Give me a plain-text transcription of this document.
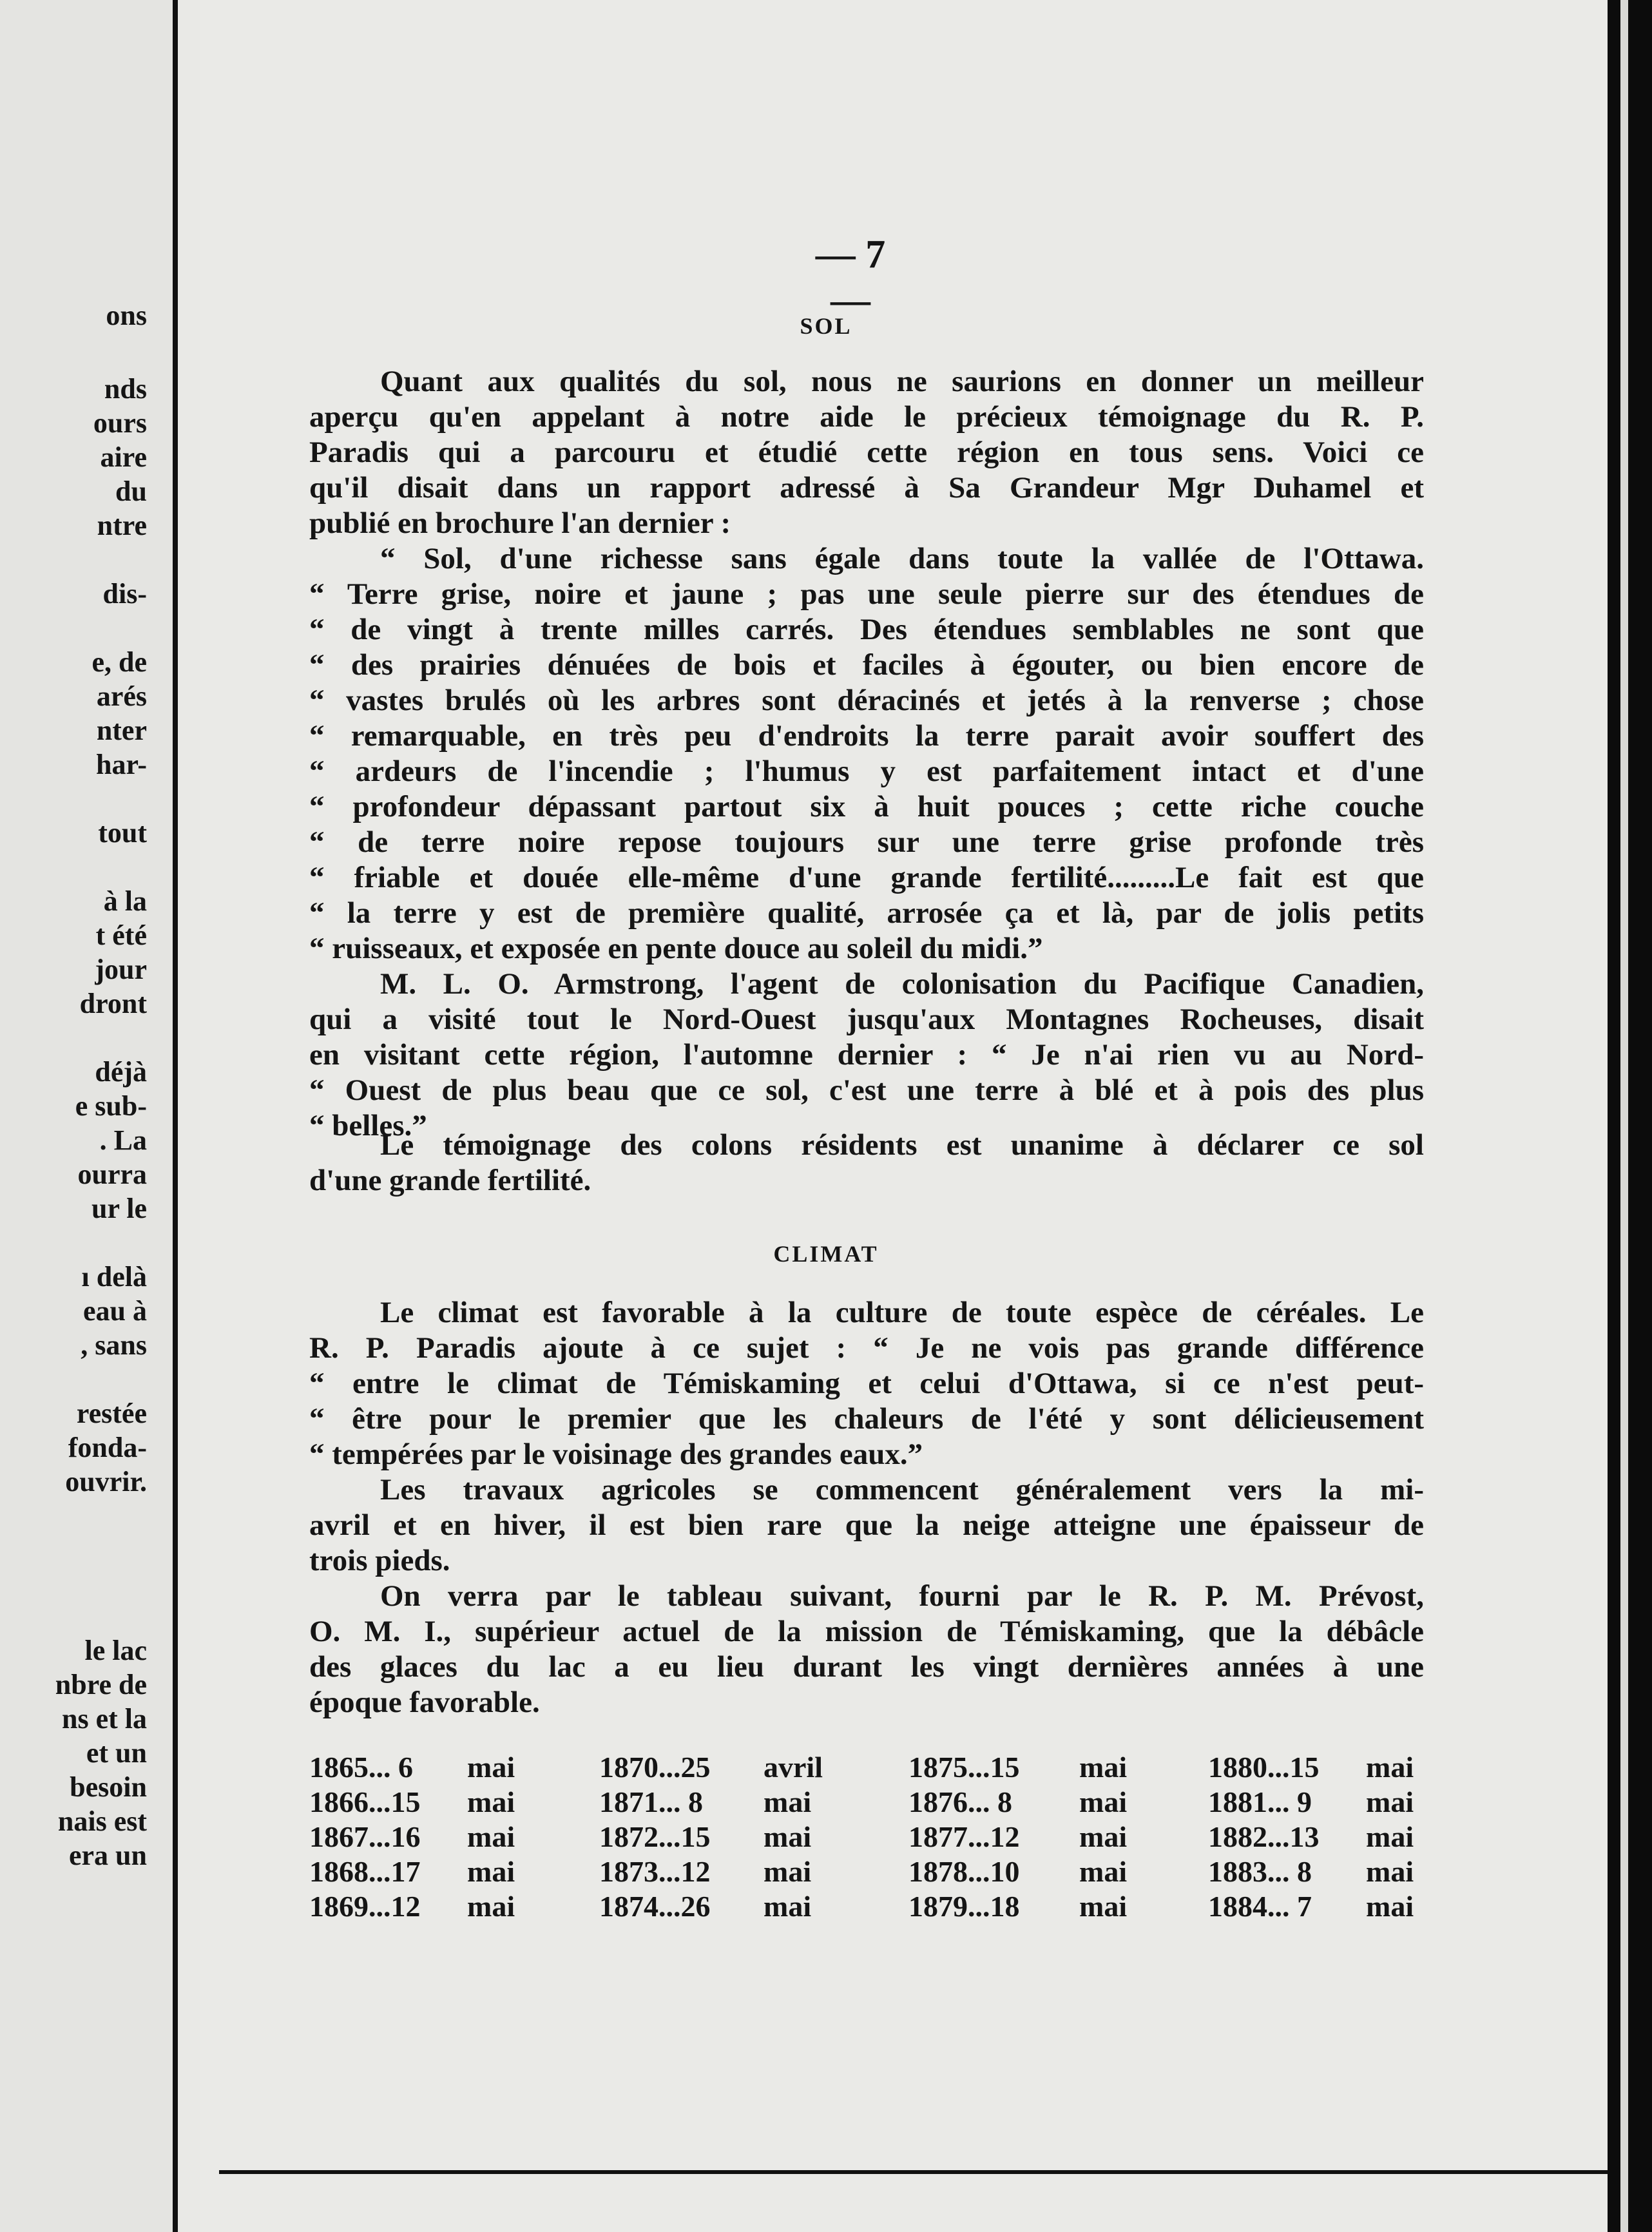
ons
nds
ours
aire
du
ntre
dis-
e, de
arés
nter
har-
tout
à la
t été
jour
dront
déjà
e sub-
. La
ourra
ur le
ı delà
eau à
, sans
restée
fonda-
ouvrir.
le lac
nbre de
ns et la
et un
besoin
nais est
era un
— 7 —
SOL
Quant aux qualités du sol, nous ne saurions en donner un meilleur
aperçu qu'en appelant à notre aide le précieux témoignage du R. P.
Paradis qui a parcouru et étudié cette région en tous sens. Voici ce
qu'il disait dans un rapport adressé à Sa Grandeur Mgr Duhamel et
publié en brochure l'an dernier :
“ Sol, d'une richesse sans égale dans toute la vallée de l'Ottawa.
“ Terre grise, noire et jaune ; pas une seule pierre sur des étendues de
“ de vingt à trente milles carrés. Des étendues semblables ne sont que
“ des prairies dénuées de bois et faciles à égouter, ou bien encore de
“ vastes brulés où les arbres sont déracinés et jetés à la renverse ; chose
“ remarquable, en très peu d'endroits la terre parait avoir souffert des
“ ardeurs de l'incendie ; l'humus y est parfaitement intact et d'une
“ profondeur dépassant partout six à huit pouces ; cette riche couche
“ de terre noire repose toujours sur une terre grise profonde très
“ friable et douée elle-même d'une grande fertilité.........Le fait est que
“ la terre y est de première qualité, arrosée ça et là, par de jolis petits
“ ruisseaux, et exposée en pente douce au soleil du midi.”
M. L. O. Armstrong, l'agent de colonisation du Pacifique Canadien,
qui a visité tout le Nord-Ouest jusqu'aux Montagnes Rocheuses, disait
en visitant cette région, l'automne dernier : “ Je n'ai rien vu au Nord-
“ Ouest de plus beau que ce sol, c'est une terre à blé et à pois des plus
“ belles.”
Le témoignage des colons résidents est unanime à déclarer ce sol
d'une grande fertilité.
CLIMAT
Le climat est favorable à la culture de toute espèce de céréales. Le
R. P. Paradis ajoute à ce sujet : “ Je ne vois pas grande différence
“ entre le climat de Témiskaming et celui d'Ottawa, si ce n'est peut-
“ être pour le premier que les chaleurs de l'été y sont délicieusement
“ tempérées par le voisinage des grandes eaux.”
Les travaux agricoles se commencent généralement vers la mi-
avril et en hiver, il est bien rare que la neige atteigne une épaisseur de
trois pieds.
On verra par le tableau suivant, fourni par le R. P. M. Prévost,
O. M. I., supérieur actuel de la mission de Témiskaming, que la débâcle
des glaces du lac a eu lieu durant les vingt dernières années à une
époque favorable.
1865... 6 mai	1870...25 avril	1875...15 mai	1880...15 mai
1866...15 mai	1871... 8 mai	1876... 8 mai	1881... 9 mai
1867...16 mai	1872...15 mai	1877...12 mai	1882...13 mai
1868...17 mai	1873...12 mai	1878...10 mai	1883... 8 mai
1869...12 mai	1874...26 mai	1879...18 mai	1884... 7 mai
